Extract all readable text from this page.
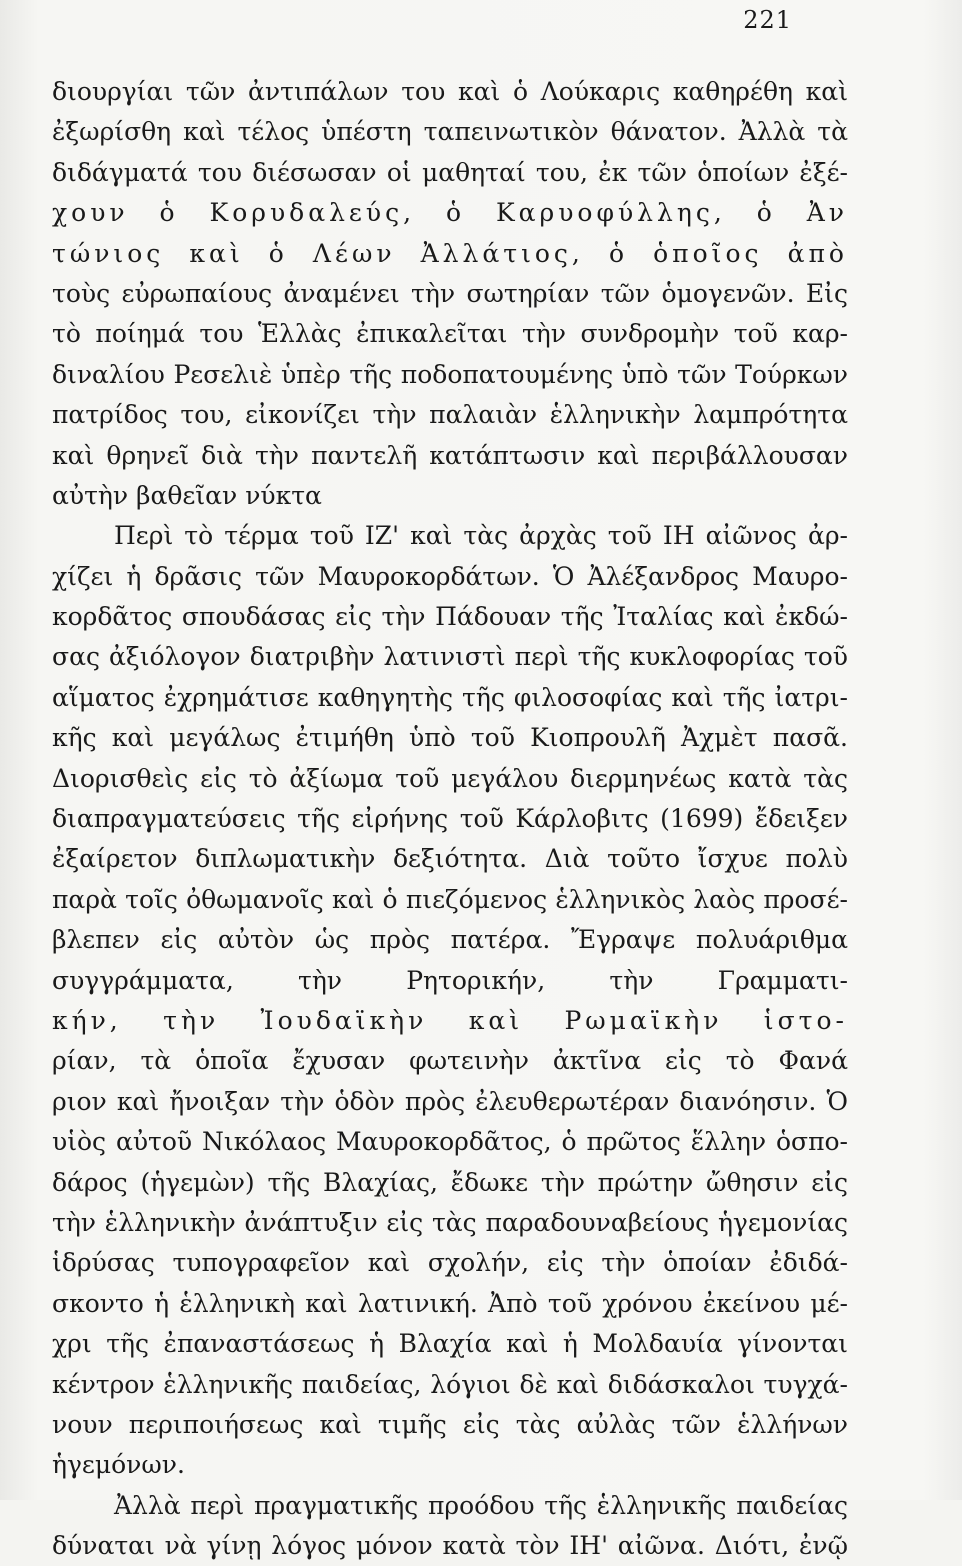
221
διουργίαι τῶν ἀντιπάλων του καὶ ὁ Λούκαρις καθηρέθη καὶ
ἐξωρίσθη καὶ τέλος ὑπέστη ταπεινωτικὸν θάνατον. Ἀλλὰ τὰ
διδάγματά του διέσωσαν οἱ μαθηταί του, ἐκ τῶν ὁποίων ἐξέ-
χουν ὁ Κορυδαλεύς, ὁ Καρυοφύλλης, ὁ Ἀν
τώνιος καὶ ὁ Λέων Ἀλλάτιος, ὁ ὁποῖος ἀπὸ
τοὺς εὐρωπαίους ἀναμένει τὴν σωτηρίαν τῶν ὁμογενῶν. Εἰς
τὸ ποίημά του Ἑλλὰς ἐπικαλεῖται τὴν συνδρομὴν τοῦ καρ-
διναλίου Ρεσελιὲ ὑπὲρ τῆς ποδοπατουμένης ὑπὸ τῶν Τούρκων
πατρίδος του, εἰκονίζει τὴν παλαιὰν ἑλληνικὴν λαμπρότητα
καὶ θρηνεῖ διὰ τὴν παντελῆ κατάπτωσιν καὶ περιβάλλουσαν
αὐτὴν βαθεῖαν νύκτα
Περὶ τὸ τέρμα τοῦ ΙΖ' καὶ τὰς ἀρχὰς τοῦ ΙΗ αἰῶνος ἀρ-
χίζει ἡ δρᾶσις τῶν Μαυροκορδάτων. Ὁ Ἀλέξανδρος Μαυρο-
κορδᾶτος σπουδάσας εἰς τὴν Πάδουαν τῆς Ἰταλίας καὶ ἐκδώ-
σας ἀξιόλογον διατριβὴν λατινιστὶ περὶ τῆς κυκλοφορίας τοῦ
αἵματος ἐχρημάτισε καθηγητὴς τῆς φιλοσοφίας καὶ τῆς ἰατρι-
κῆς καὶ μεγάλως ἐτιμήθη ὑπὸ τοῦ Κιοπρουλῆ Ἀχμὲτ πασᾶ.
Διορισθεὶς εἰς τὸ ἀξίωμα τοῦ μεγάλου διερμηνέως κατὰ τὰς
διαπραγματεύσεις τῆς εἰρήνης τοῦ Κάρλοβιτς (1699) ἔδειξεν
ἐξαίρετον διπλωματικὴν δεξιότητα. Διὰ τοῦτο ἴσχυε πολὺ
παρὰ τοῖς ὀθωμανοῖς καὶ ὁ πιεζόμενος ἑλληνικὸς λαὸς προσέ-
βλεπεν εἰς αὐτὸν ὡς πρὸς πατέρα. Ἔγραψε πολυάριθμα
συγγράμματα, τὴν Ρητορικήν, τὴν Γραμματι-
κήν, τὴν Ἰουδαϊκὴν καὶ Ρωμαϊκὴν ἱστο-
ρίαν, τὰ ὁποῖα ἔχυσαν φωτεινὴν ἀκτῖνα εἰς τὸ Φανά
ριον καὶ ἤνοιξαν τὴν ὁδὸν πρὸς ἐλευθερωτέραν διανόησιν. Ὁ
υἱὸς αὐτοῦ Νικόλαος Μαυροκορδᾶτος, ὁ πρῶτος ἕλλην ὁσπο-
δάρος (ἡγεμὼν) τῆς Βλαχίας, ἔδωκε τὴν πρώτην ὤθησιν εἰς
τὴν ἑλληνικὴν ἀνάπτυξιν εἰς τὰς παραδουναβείους ἡγεμονίας
ἱδρύσας τυπογραφεῖον καὶ σχολήν, εἰς τὴν ὁποίαν ἐδιδά-
σκοντο ἡ ἑλληνικὴ καὶ λατινική. Ἀπὸ τοῦ χρόνου ἐκείνου μέ-
χρι τῆς ἐπαναστάσεως ἡ Βλαχία καὶ ἡ Μολδαυία γίνονται
κέντρον ἑλληνικῆς παιδείας, λόγιοι δὲ καὶ διδάσκαλοι τυγχά-
νουν περιποιήσεως καὶ τιμῆς εἰς τὰς αὐλὰς τῶν ἑλλήνων
ἡγεμόνων.
Ἀλλὰ περὶ πραγματικῆς προόδου τῆς ἑλληνικῆς παιδείας
δύναται νὰ γίνῃ λόγος μόνον κατὰ τὸν ΙΗ' αἰῶνα. Διότι, ἐνῷ
